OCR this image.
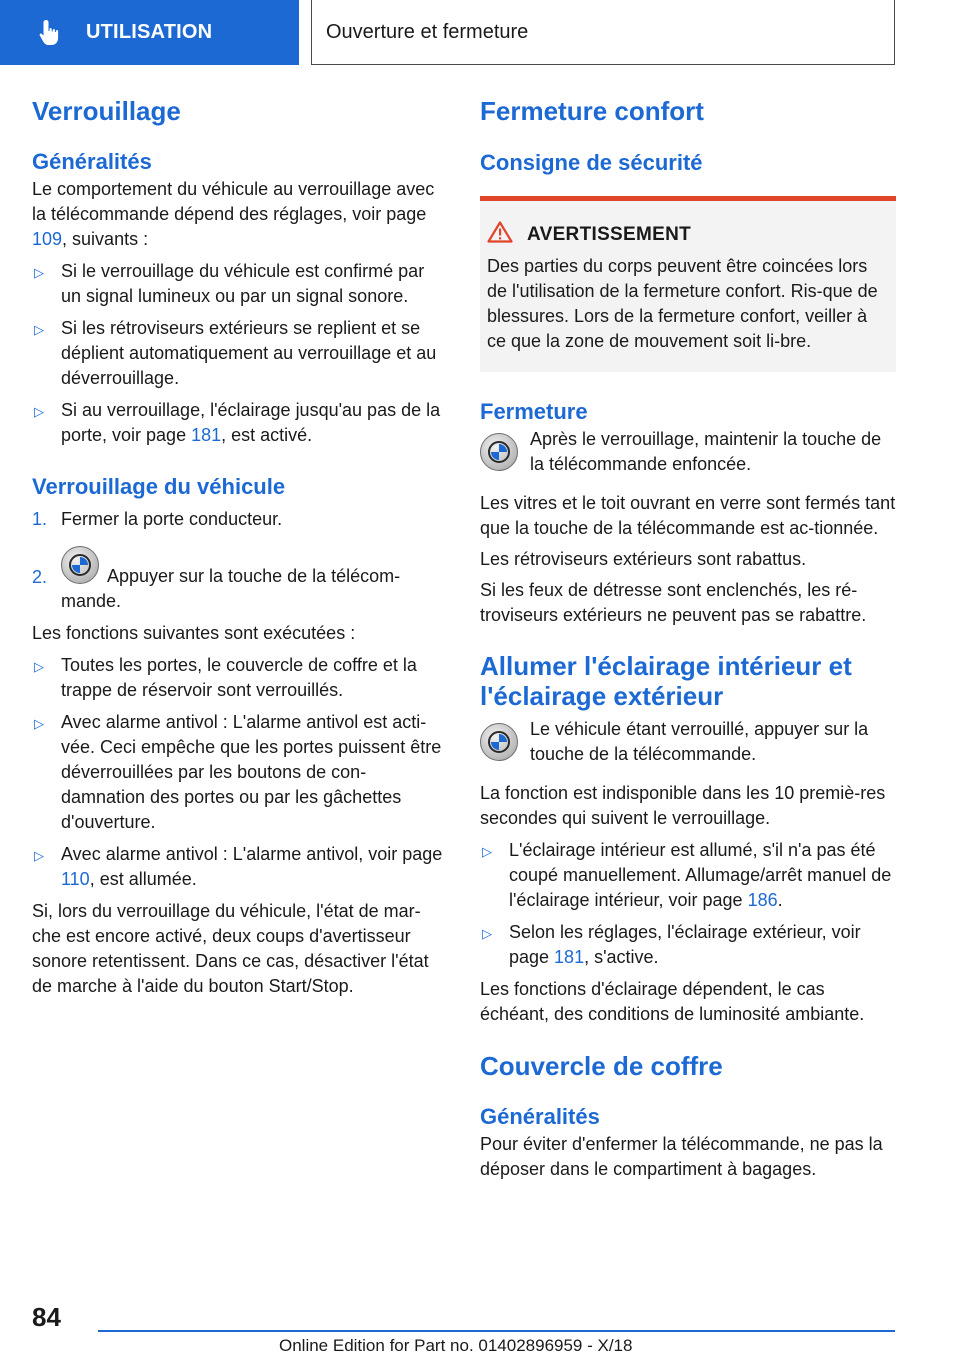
UTILISATION	Ouverture et fermeture
Verrouillage
Généralités

Le comportement du véhicule au verrouillage avec la télécommande dépend des réglages, voir page 109, suivants :

▷ Si le verrouillage du véhicule est confirmé par un signal lumineux ou par un signal sonore.
▷ Si les rétroviseurs extérieurs se replient et se déplient automatiquement au verrouillage et au déverrouillage.
▷ Si au verrouillage, l'éclairage jusqu'au pas de la porte, voir page 181, est activé.
Verrouillage du véhicule
1. Fermer la porte conducteur.
2.	Appuyer sur la touche de la télécom-mande.

Les fonctions suivantes sont exécutées :

▷ Toutes les portes, le couvercle de coffre et la trappe de réservoir sont verrouillés.
▷ Avec alarme antivol : L'alarme antivol est acti-vée. Ceci empêche que les portes puissent être déverrouillées par les boutons de con-damnation des portes ou par les gâchettes d'ouverture.
▷ Avec alarme antivol : L'alarme antivol, voir page 110, est allumée.

Si, lors du verrouillage du véhicule, l'état de mar-che est encore activé, deux coups d'avertisseur sonore retentissent. Dans ce cas, désactiver l'état de marche à l'aide du bouton Start/Stop.

Fermeture confort
Consigne de sécurité
AVERTISSEMENT

Des parties du corps peuvent être coincées lors de l'utilisation de la fermeture confort. Ris-que de blessures. Lors de la fermeture confort, veiller à ce que la zone de mouvement soit li-bre.

Fermeture

Après le verrouillage, maintenir la touche de la télécommande enfoncée.

Les vitres et le toit ouvrant en verre sont fermés tant que la touche de la télécommande est ac-tionnée.

Les rétroviseurs extérieurs sont rabattus.

Si les feux de détresse sont enclenchés, les ré-troviseurs extérieurs ne peuvent pas se rabattre.

Allumer l'éclairage intérieur et l'éclairage extérieur

Le véhicule étant verrouillé, appuyer sur la touche de la télécommande.

La fonction est indisponible dans les 10 premiè-res secondes qui suivent le verrouillage.

▷ L'éclairage intérieur est allumé, s'il n'a pas été coupé manuellement. Allumage/arrêt manuel de l'éclairage intérieur, voir page 186.
▷ Selon les réglages, l'éclairage extérieur, voir page 181, s'active.

Les fonctions d'éclairage dépendent, le cas échéant, des conditions de luminosité ambiante.

Couvercle de coffre
Généralités

Pour éviter d'enfermer la télécommande, ne pas la déposer dans le compartiment à bagages.

84
Online Edition for Part no. 01402896959 - X/18
